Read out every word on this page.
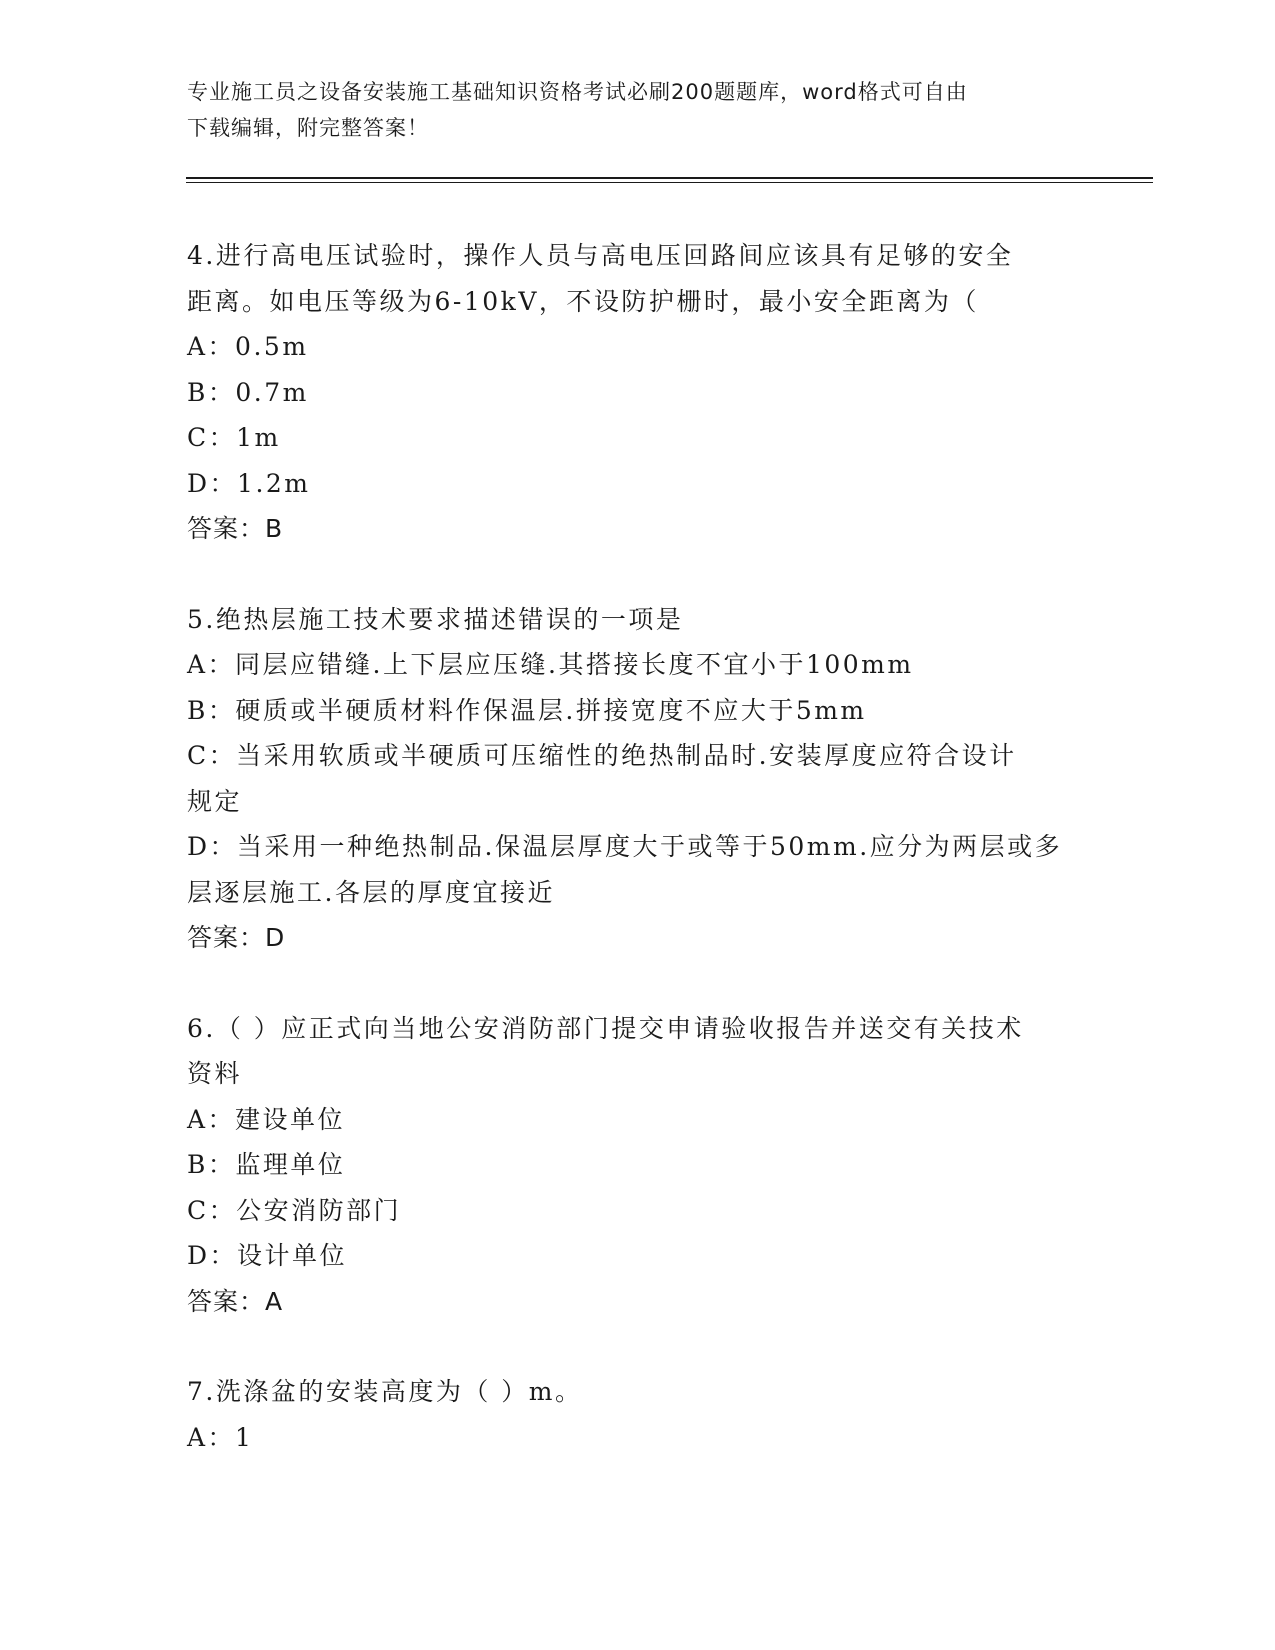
专业施工员之设备安装施工基础知识资格考试必刷200题题库，word格式可自由
下载编辑，附完整答案！
4.进行高电压试验时，操作人员与高电压回路间应该具有足够的安全
距离。如电压等级为6-10kV，不设防护栅时，最小安全距离为（
A：0.5m
B：0.7m
C：1m
D：1.2m
答案：B
5.绝热层施工技术要求描述错误的一项是
A：同层应错缝.上下层应压缝.其搭接长度不宜小于100mm
B：硬质或半硬质材料作保温层.拼接宽度不应大于5mm
C：当采用软质或半硬质可压缩性的绝热制品时.安装厚度应符合设计
规定
D：当采用一种绝热制品.保温层厚度大于或等于50mm.应分为两层或多
层逐层施工.各层的厚度宜接近
答案：D
6.（ ）应正式向当地公安消防部门提交申请验收报告并送交有关技术
资料
A：建设单位
B：监理单位
C：公安消防部门
D：设计单位
答案：A
7.洗涤盆的安装高度为（ ）m。
A：1
